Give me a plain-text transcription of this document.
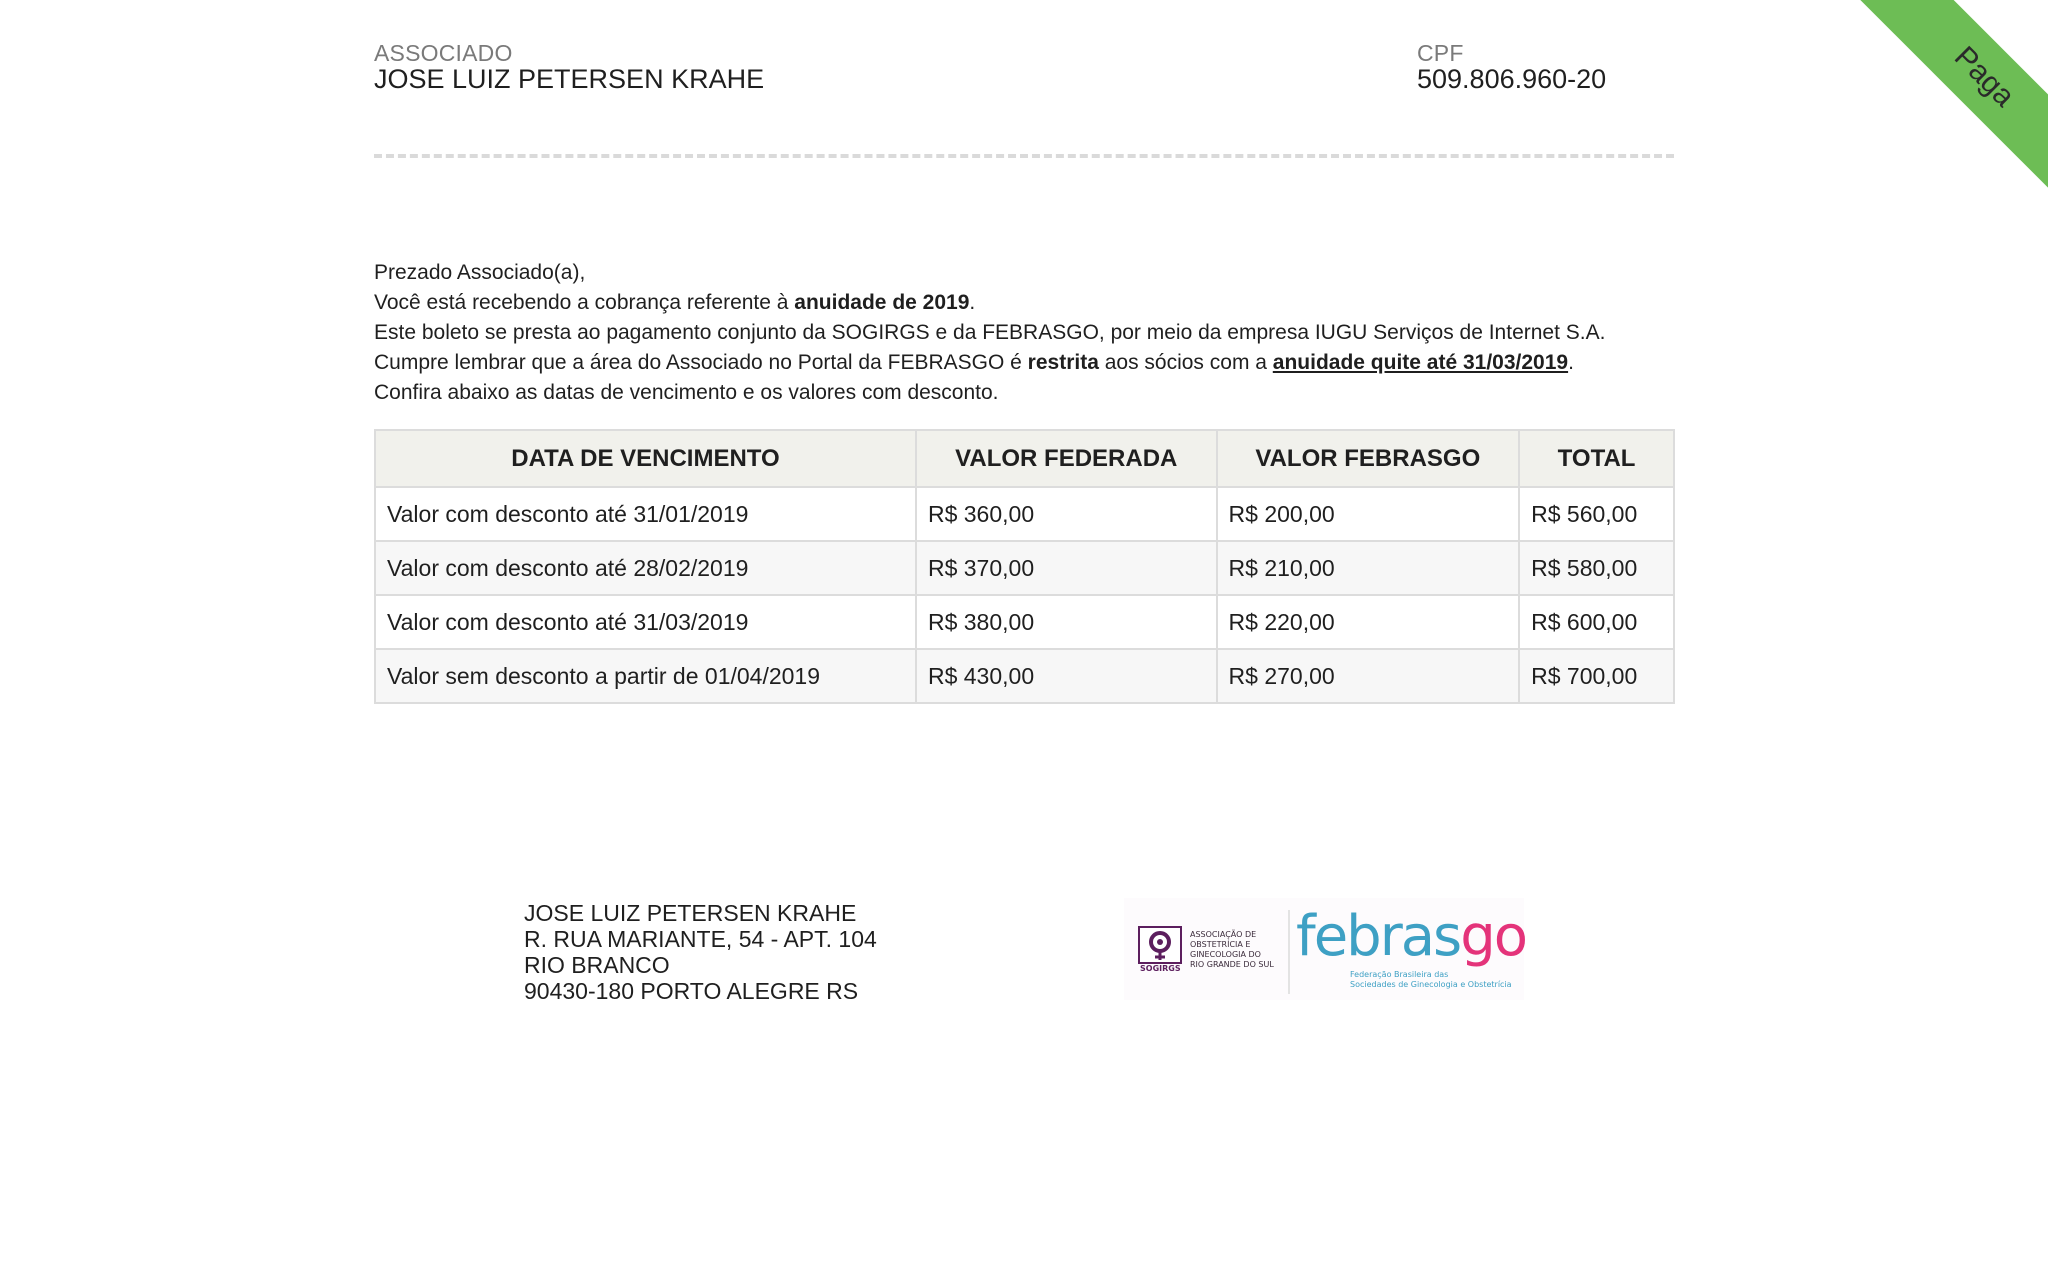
ASSOCIADO
JOSE LUIZ PETERSEN KRAHE
CPF
509.806.960-20	Paga

Prezado Associado(a),

Você está recebendo a cobrança referente à anuidade de 2019.

Este boleto se presta ao pagamento conjunto da SOGIRGS e da FEBRASGO, por meio da empresa IUGU Serviços de Internet S.A.

Cumpre lembrar que a área do Associado no Portal da FEBRASGO é restrita aos sócios com a anuidade quite até 31/03/2019.

Confira abaixo as datas de vencimento e os valores com desconto.

DATA DE VENCIMENTO	VALOR FEDERADA	VALOR FEBRASGO	TOTAL
Valor com desconto até 31/01/2019	R$ 360,00	R$ 200,00	R$ 560,00
Valor com desconto até 28/02/2019	R$ 370,00	R$ 210,00	R$ 580,00
Valor com desconto até 31/03/2019	R$ 380,00	R$ 220,00	R$ 600,00
Valor sem desconto a partir de 01/04/2019	R$ 430,00	R$ 270,00	R$ 700,00
JOSE LUIZ PETERSEN KRAHE
R. RUA MARIANTE, 54 - APT. 104
RIO BRANCO
90430-180 PORTO ALEGRE RS
ASSOCIAÇÃO DE
OBSTETRÍCIA E
GINECOLOGIA DO
RIO GRANDE DO SUL
SOGIRGS febrasgo
Federação Brasileira das
Sociedades de Ginecologia e Obstetrícia
